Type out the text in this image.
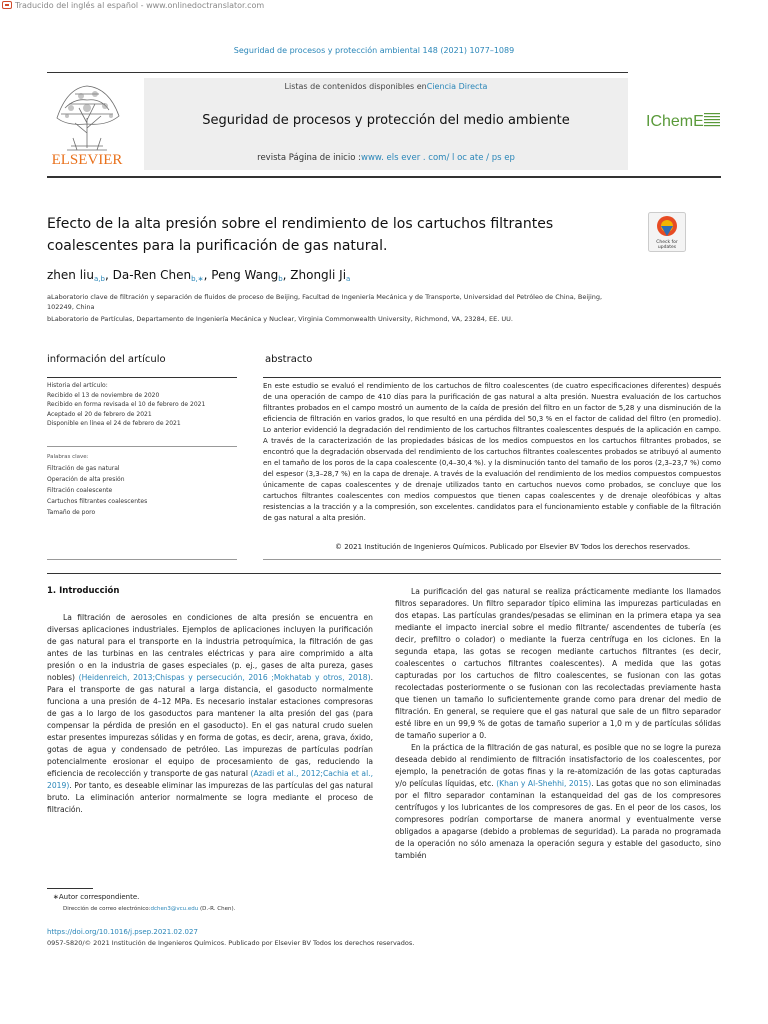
Traducido del inglés al español - www.onlinedoctranslator.com
Seguridad de procesos y protección ambiental 148 (2021) 1077–1089
ELSEVIER
Listas de contenidos disponibles enCiencia Directa
Seguridad de procesos y protección del medio ambiente
revista Página de inicio :www. els ever . com/ l oc ate / ps ep
IChemE
Efecto de la alta presión sobre el rendimiento de los cartuchos filtrantes coalescentes para la purificación de gas natural.	Check for
updates
zhen liu$^{a,b}$, Da-Ren Chen$^{b,∗}$, Peng Wang$^b$, Zhongli Ji$^a$
aLaboratorio clave de filtración y separación de fluidos de proceso de Beijing, Facultad de Ingeniería Mecánica y de Transporte, Universidad del Petróleo de China, Beijing, 102249, China
bLaboratorio de Partículas, Departamento de Ingeniería Mecánica y Nuclear, Virginia Commonwealth University, Richmond, VA, 23284, EE. UU.
información del artículo	abstracto
Historia del artículo:
Recibido el 13 de noviembre de 2020
Recibido en forma revisada el 10 de febrero de 2021
Aceptado el 20 de febrero de 2021
Disponible en línea el 24 de febrero de 2021
Palabras clave:
Filtración de gas natural
Operación de alta presión
Filtración coalescente
Cartuchos filtrantes coalescentes
Tamaño de poro
En este estudio se evaluó el rendimiento de los cartuchos de filtro coalescentes (de cuatro especificaciones diferentes) después de una operación de campo de 410 días para la purificación de gas natural a alta presión. Nuestra evaluación de los cartuchos filtrantes probados en el campo mostró un aumento de la caída de presión del filtro en un factor de 5,28 y una disminución de la eficiencia de filtración en varios grados, lo que resultó en una pérdida del 50,3 % en el factor de calidad del filtro (en promedio). Lo anterior evidenció la degradación del rendimiento de los cartuchos filtrantes coalescentes después de la aplicación en campo. A través de la caracterización de las propiedades básicas de los medios compuestos en los cartuchos filtrantes probados, se encontró que la degradación observada del rendimiento de los cartuchos filtrantes coalescentes probados se atribuyó al aumento en el tamaño de los poros de la capa coalescente (0,4–30,4 %). y la disminución tanto del tamaño de los poros (2,3–23,7 %) como del espesor (3,3–28,7 %) en la capa de drenaje. A través de la evaluación del rendimiento de los medios compuestos compuestos únicamente de capas coalescentes y de drenaje utilizados tanto en cartuchos nuevos como probados, se concluye que los cartuchos filtrantes coalescentes con medios compuestos que tienen capas coalescentes y de drenaje oleofóbicas y altas resistencias a la tracción y a la compresión, son excelentes. candidatos para el funcionamiento estable y confiable de la filtración de gas natural a alta presión.
© 2021 Institución de Ingenieros Químicos. Publicado por Elsevier BV Todos los derechos reservados.
1. Introducción

La filtración de aerosoles en condiciones de alta presión se encuentra en diversas aplicaciones industriales. Ejemplos de aplicaciones incluyen la purificación de gas natural para el transporte en la industria petroquímica, la filtración de gas antes de las turbinas en las centrales eléctricas y para aire comprimido a alta presión o en la industria de gases especiales (p. ej., gases de alta pureza, gases nobles) (Heidenreich, 2013;Chispas y persecución, 2016 ;Mokhatab y otros, 2018). Para el transporte de gas natural a larga distancia, el gasoducto normalmente funciona a una presión de 4–12 MPa. Es necesario instalar estaciones compresoras de gas a lo largo de los gasoductos para mantener la alta presión del gas (para compensar la pérdida de presión en el gasoducto). En el gas natural crudo suelen estar presentes impurezas sólidas y en forma de gotas, es decir, arena, grava, óxido, gotas de agua y condensado de petróleo. Las impurezas de partículas podrían potencialmente erosionar el equipo de procesamiento de gas, reduciendo la eficiencia de recolección y transporte de gas natural (Azadi et al., 2012;Cachia et al., 2019). Por tanto, es deseable eliminar las impurezas de las partículas del gas natural bruto. La eliminación anterior normalmente se logra mediante el proceso de filtración.

La purificación del gas natural se realiza prácticamente mediante los llamados filtros separadores. Un filtro separador típico elimina las impurezas particuladas en dos etapas. Las partículas grandes/pesadas se eliminan en la primera etapa ya sea mediante el impacto inercial sobre el medio filtrante/ ascendentes de tubería (es decir, prefiltro o colador) o mediante la fuerza centrífuga en los ciclones. En la segunda etapa, las gotas se recogen mediante cartuchos filtrantes (es decir, coalescentes o cartuchos filtrantes coalescentes). A medida que las gotas capturadas por los cartuchos de filtro coalescentes, se fusionan con las gotas recolectadas posteriormente o se fusionan con las recolectadas previamente hasta que tienen un tamaño lo suficientemente grande como para drenar del medio de filtración. En general, se requiere que el gas natural que sale de un filtro separador esté libre en un 99,9 % de gotas de tamaño superior a 1,0 m y de partículas sólidas de tamaño superior a 0.

En la práctica de la filtración de gas natural, es posible que no se logre la pureza deseada debido al rendimiento de filtración insatisfactorio de los coalescentes, por ejemplo, la penetración de gotas finas y la re-atomización de las gotas capturadas y/o películas líquidas, etc. (Khan y Al-Shehhi, 2015). Las gotas que no son eliminadas por el filtro separador contaminan la estanqueidad del gas de los compresores centrífugos y los lubricantes de los compresores de gas. En el peor de los casos, los compresores podrían comportarse de manera anormal y eventualmente verse obligados a apagarse (debido a problemas de seguridad). La parada no programada de la operación no sólo amenaza la operación segura y estable del gasoducto, sino también

∗Autor correspondiente.
Dirección de correo electrónico:dchen3@vcu.edu (D.-R. Chen).
https://doi.org/10.1016/j.psep.2021.02.027
0957-5820/© 2021 Institución de Ingenieros Químicos. Publicado por Elsevier BV Todos los derechos reservados.
